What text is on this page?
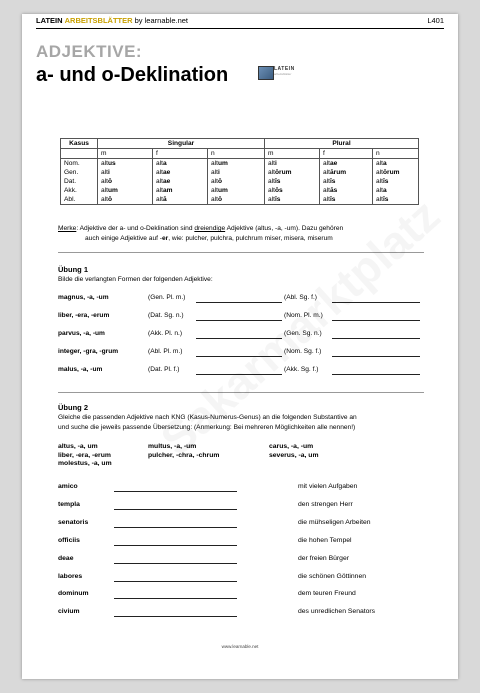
LATEIN ARBEITSBLÄTTER by learnable.net	L401
ADJEKTIVE:
a- und o-Deklination	LATEIN
arbeitsblätter
Kasus	Singular			Plural		
	m	f	n	m	f	n
Nom.	altus	alta	altum	alti	altae	alta
Gen.	alti	altae	alti	altōrum	altārum	altōrum
Dat.	altō	altae	altō	altīs	altīs	altīs
Akk.	altum	altam	altum	altōs	altās	alta
Abl.	altō	altā	altō	altīs	altīs	altīs
Merke: Adjektive der a- und o-Deklination sind dreiendige Adjektive (altus, -a, -um). Dazu gehören
auch einige Adjektive auf -er, wie: pulcher, pulchra, pulchrum miser, misera, miserum
Übung 1
Bilde die verlangten Formen der folgenden Adjektive:
magnus, -a, -um	(Gen. Pl. m.)	(Abl. Sg. f.)
liber, -era, -erum	(Dat. Sg. n.)	(Nom. Pl. m.)
parvus, -a, -um	(Akk. Pl. n.)	(Gen. Sg. n.)
integer, -gra, -grum	(Abl. Pl. m.)	(Nom. Sg. f.)
malus, -a, -um	(Dat. Pl. f.)	(Akk. Sg. f.)
Übung 2
Gleiche die passenden Adjektive nach KNG (Kasus-Numerus-Genus) an die folgenden Substantive an
und suche die jeweils passende Übersetzung: (Anmerkung: Bei mehreren Möglichkeiten alle nennen!)
altus, -a, um
liber, -era, -erum
molestus, -a, um
multus, -a, -um
pulcher, -chra, -chrum
carus, -a, -um
severus, -a, um
amico	mit vielen Aufgaben
templa	den strengen Herr
senatoris	die mühseligen Arbeiten
officiis	die hohen Tempel
deae	der freien Bürger
labores	die schönen Göttinnen
dominum	dem teuren Freund
civium	des unredlichen Senators
www.learnable.net
